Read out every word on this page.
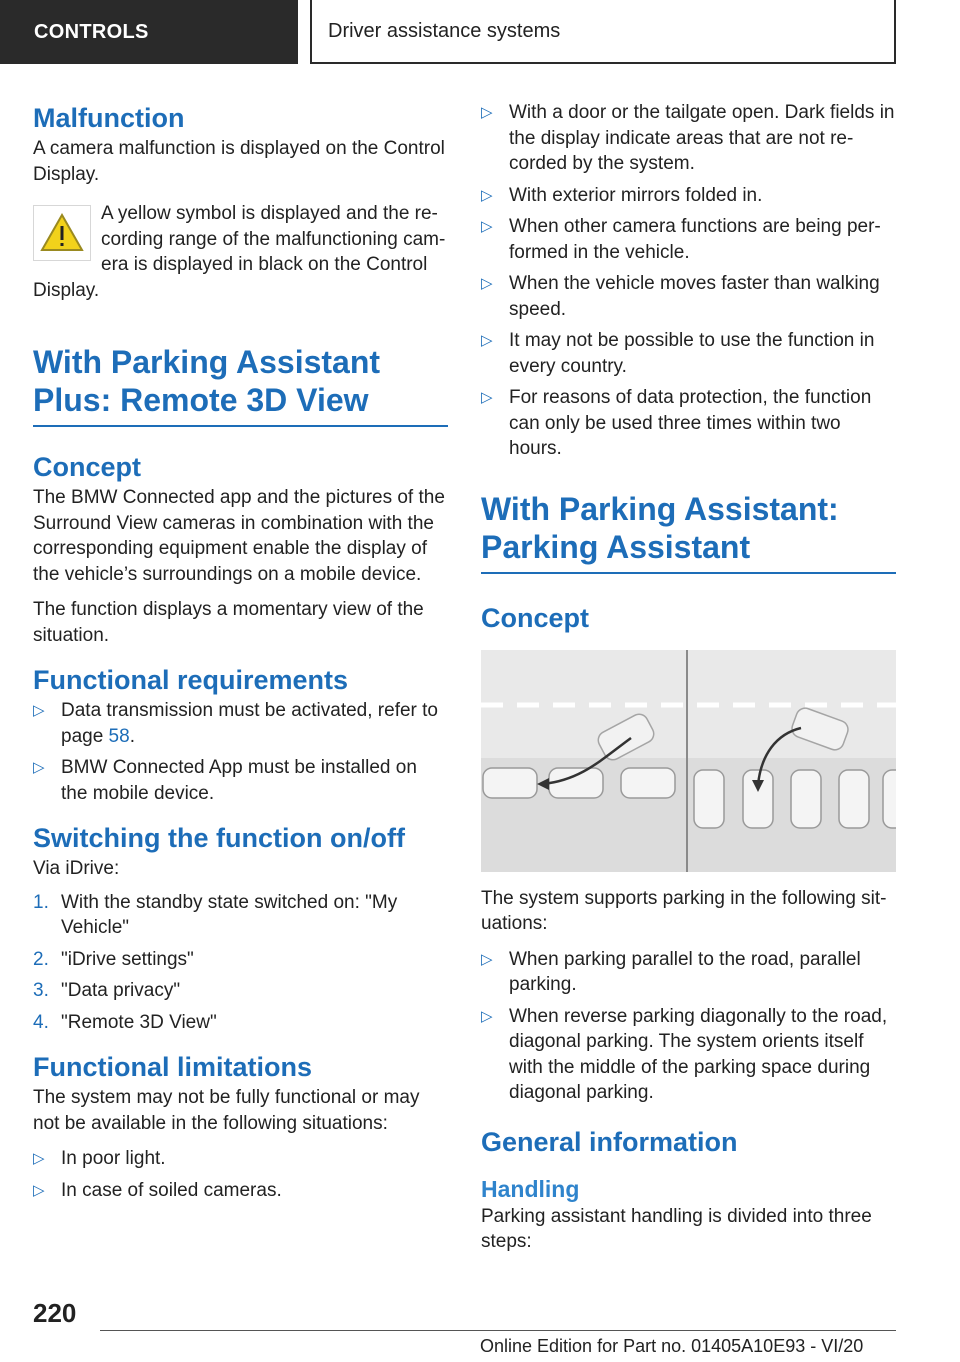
CONTROLS	Driver assistance systems
Malfunction

A camera malfunction is displayed on the Control Display.

A yellow symbol is displayed and the re‐ cording range of the malfunctioning cam‐ era is displayed in black on the Control

Display.

With Parking Assistant Plus: Remote 3D View
Concept

The BMW Connected app and the pictures of the Surround View cameras in combination with the corresponding equipment enable the display of the vehicle’s surroundings on a mobile device.

The function displays a momentary view of the situation.

Functional requirements
▷ Data transmission must be activated, refer to page 58.
▷ BMW Connected App must be installed on the mobile device.
Switching the function on/off

Via iDrive:

1. With the standby state switched on: "My Vehicle"
2. "iDrive settings"
3. "Data privacy"
4. "Remote 3D View"
Functional limitations

The system may not be fully functional or may not be available in the following situations:

▷ In poor light.
▷ In case of soiled cameras.
▷ With a door or the tailgate open. Dark fields in the display indicate areas that are not re‐ corded by the system.
▷ With exterior mirrors folded in.
▷ When other camera functions are being per‐ formed in the vehicle.
▷ When the vehicle moves faster than walking speed.
▷ It may not be possible to use the function in every country.
▷ For reasons of data protection, the function can only be used three times within two hours.
With Parking Assistant: Parking Assistant
Concept

The system supports parking in the following sit‐ uations:

▷ When parking parallel to the road, parallel parking.
▷ When reverse parking diagonally to the road, diagonal parking. The system orients itself with the middle of the parking space during diagonal parking.
General information
Handling

Parking assistant handling is divided into three steps:

220
Online Edition for Part no. 01405A10E93 - VI/20
